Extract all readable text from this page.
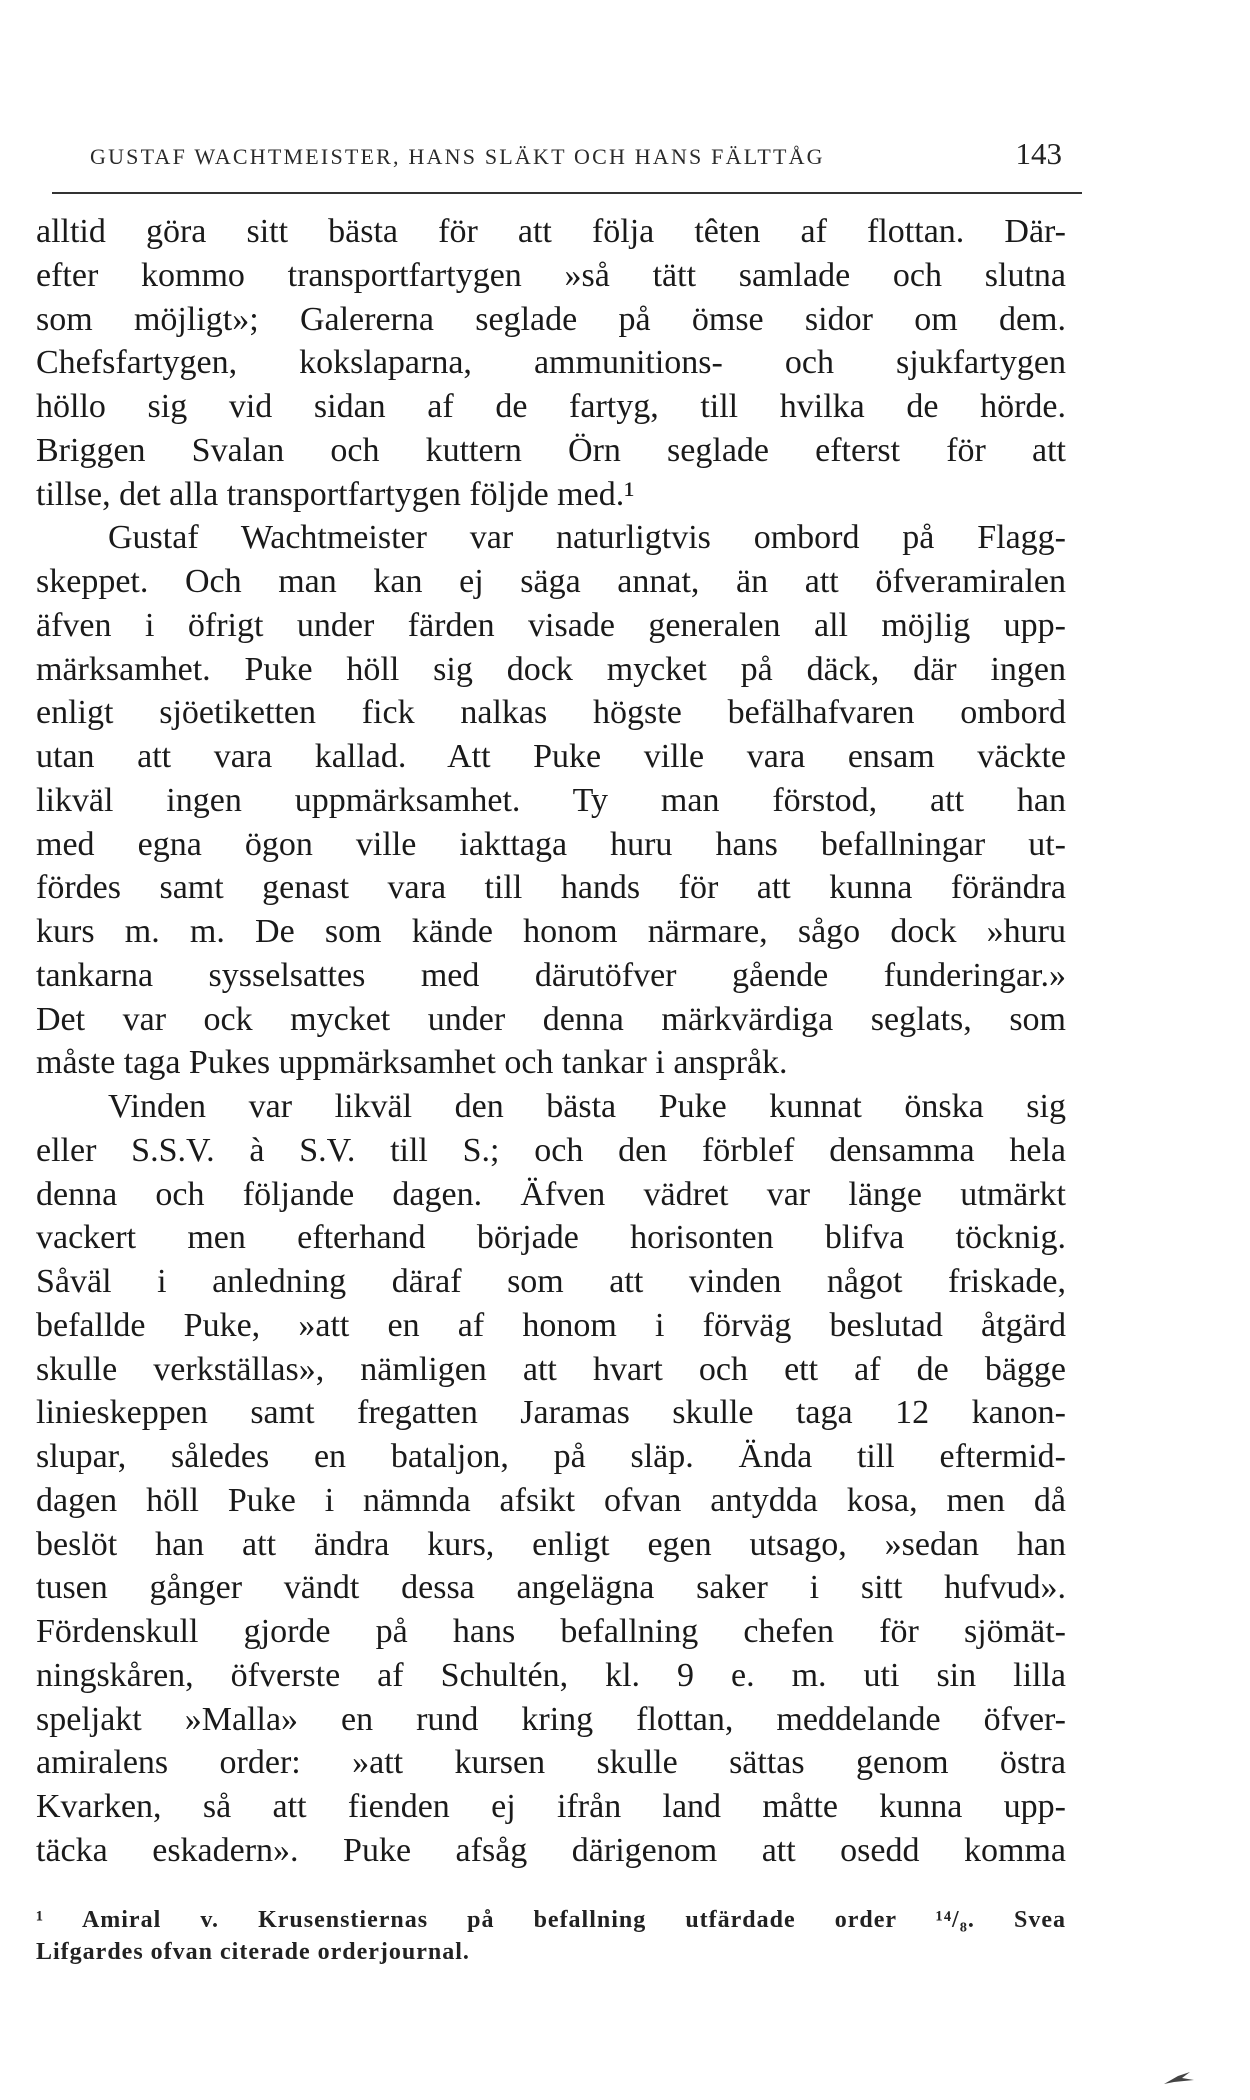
GUSTAF WACHTMEISTER, HANS SLÄKT OCH HANS FÄLTTÅG	143
alltid göra sitt bästa för att följa têten af flottan. Där-
efter kommo transportfartygen »så tätt samlade och slutna
som möjligt»; Galererna seglade på ömse sidor om dem.
Chefsfartygen, kokslaparna, ammunitions- och sjukfartygen
höllo sig vid sidan af de fartyg, till hvilka de hörde.
Briggen Svalan och kuttern Örn seglade efterst för att
tillse, det alla transportfartygen följde med.¹
Gustaf Wachtmeister var naturligtvis ombord på Flagg-
skeppet. Och man kan ej säga annat, än att öfveramiralen
äfven i öfrigt under färden visade generalen all möjlig upp-
märksamhet. Puke höll sig dock mycket på däck, där ingen
enligt sjöetiketten fick nalkas högste befälhafvaren ombord
utan att vara kallad. Att Puke ville vara ensam väckte
likväl ingen uppmärksamhet. Ty man förstod, att han
med egna ögon ville iakttaga huru hans befallningar ut-
fördes samt genast vara till hands för att kunna förändra
kurs m. m. De som kände honom närmare, sågo dock »huru
tankarna sysselsattes med därutöfver gående funderingar.»
Det var ock mycket under denna märkvärdiga seglats, som
måste taga Pukes uppmärksamhet och tankar i anspråk.
Vinden var likväl den bästa Puke kunnat önska sig
eller S.S.V. à S.V. till S.; och den förblef densamma hela
denna och följande dagen. Äfven vädret var länge utmärkt
vackert men efterhand började horisonten blifva töcknig.
Såväl i anledning däraf som att vinden något friskade,
befallde Puke, »att en af honom i förväg beslutad åtgärd
skulle verkställas», nämligen att hvart och ett af de bägge
linieskeppen samt fregatten Jaramas skulle taga 12 kanon-
slupar, således en bataljon, på släp. Ända till eftermid-
dagen höll Puke i nämnda afsikt ofvan antydda kosa, men då
beslöt han att ändra kurs, enligt egen utsago, »sedan han
tusen gånger vändt dessa angelägna saker i sitt hufvud».
Fördenskull gjorde på hans befallning chefen för sjömät-
ningskåren, öfverste af Schultén, kl. 9 e. m. uti sin lilla
speljakt »Malla» en rund kring flottan, meddelande öfver-
amiralens order: »att kursen skulle sättas genom östra
Kvarken, så att fienden ej ifrån land måtte kunna upp-
täcka eskadern». Puke afsåg därigenom att osedd komma
¹ Amiral v. Krusenstiernas på befallning utfärdade order ¹⁴/₈. Svea
Lifgardes ofvan citerade orderjournal.
